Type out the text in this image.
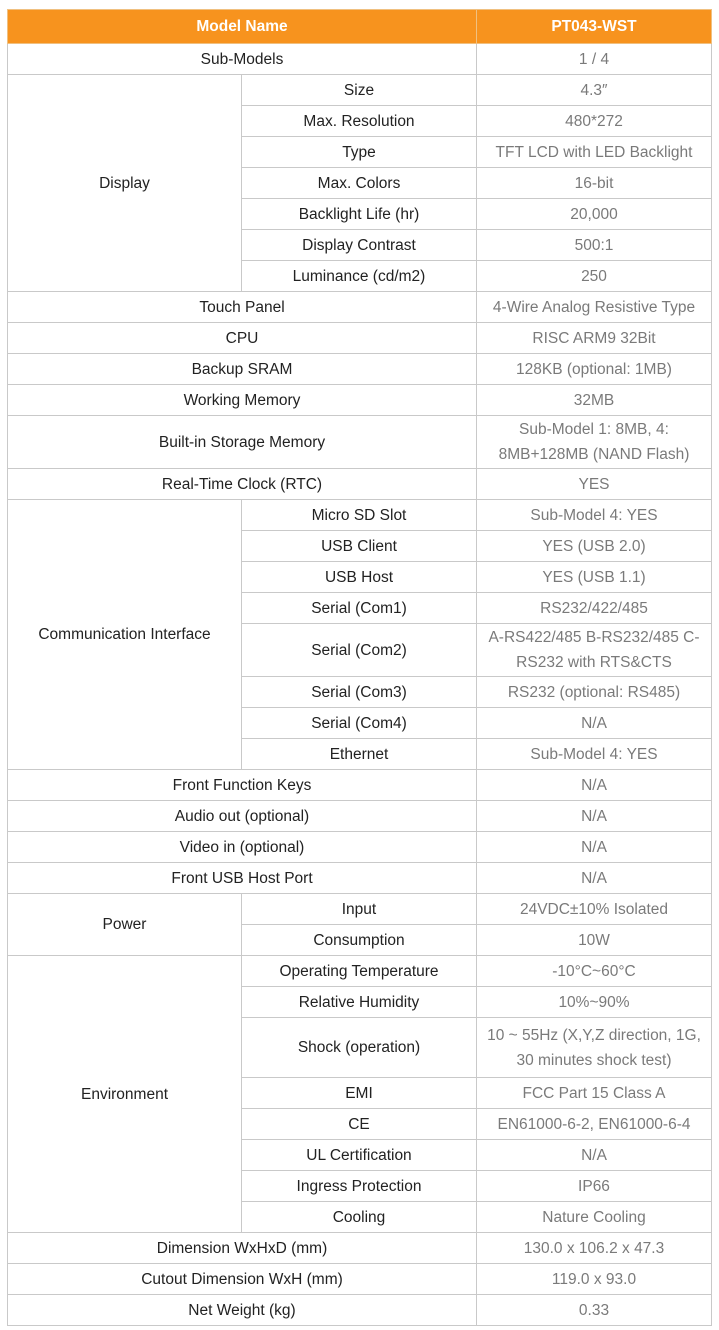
Model Name		PT043-WST
Sub-Models		1 / 4
Display	Size	4.3″
	Max. Resolution	480*272
	Type	TFT LCD with LED Backlight
	Max. Colors	16-bit
	Backlight Life (hr)	20,000
	Display Contrast	500:1
	Luminance (cd/m2)	250
Touch Panel		4-Wire Analog Resistive Type
CPU		RISC ARM9 32Bit
Backup SRAM		128KB (optional: 1MB)
Working Memory		32MB
Built-in Storage Memory		Sub-Model 1: 8MB, 4: 8MB+128MB (NAND Flash)
Real-Time Clock (RTC)		YES
Communication Interface	Micro SD Slot	Sub-Model 4: YES
	USB Client	YES (USB 2.0)
	USB Host	YES (USB 1.1)
	Serial (Com1)	RS232/422/485
	Serial (Com2)	A-RS422/485 B-RS232/485 C-RS232 with RTS&CTS
	Serial (Com3)	RS232 (optional: RS485)
	Serial (Com4)	N/A
	Ethernet	Sub-Model 4: YES
Front Function Keys		N/A
Audio out (optional)		N/A
Video in (optional)		N/A
Front USB Host Port		N/A
Power	Input	24VDC±10% Isolated
	Consumption	10W
Environment	Operating Temperature	-10°C~60°C
	Relative Humidity	10%~90%
	Shock (operation)	10 ~ 55Hz (X,Y,Z direction, 1G, 30 minutes shock test)
	EMI	FCC Part 15 Class A
	CE	EN61000-6-2, EN61000-6-4
	UL Certification	N/A
	Ingress Protection	IP66
	Cooling	Nature Cooling
Dimension WxHxD (mm)		130.0 x 106.2 x 47.3
Cutout Dimension WxH (mm)		119.0 x 93.0
Net Weight (kg)		0.33
